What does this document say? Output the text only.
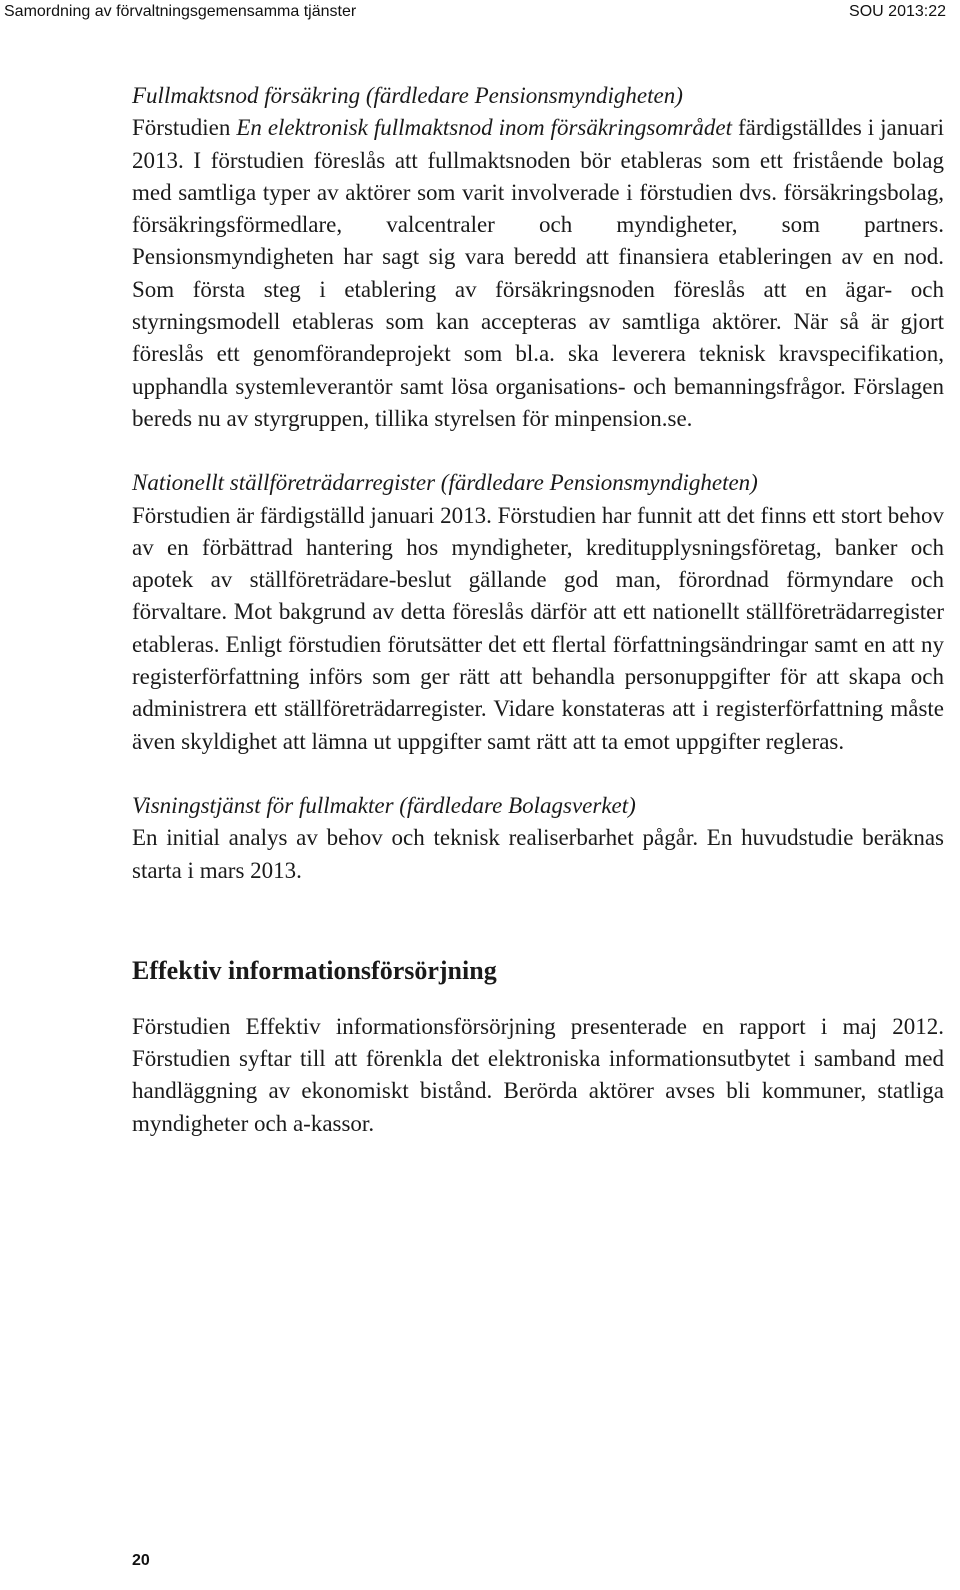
Samordning av förvaltningsgemensamma tjänster	SOU 2013:22
Fullmaktsnod försäkring (färdledare Pensionsmyndigheten)
Förstudien En elektronisk fullmaktsnod inom försäkringsområdet färdigställdes i januari 2013. I förstudien föreslås att fullmaktsnoden bör etableras som ett fristående bolag med samtliga typer av aktörer som varit involverade i förstudien dvs. försäkringsbolag, försäkringsförmedlare, valcentraler och myndigheter, som partners. Pensionsmyndigheten har sagt sig vara beredd att finansiera etableringen av en nod. Som första steg i etablering av försäkringsnoden föreslås att en ägar- och styrningsmodell etableras som kan accepteras av samtliga aktörer. När så är gjort föreslås ett genomförandeprojekt som bl.a. ska leverera teknisk kravspecifikation, upphandla systemleverantör samt lösa organisations- och bemanningsfrågor. Förslagen bereds nu av styrgruppen, tillika styrelsen för minpension.se.
Nationellt ställföreträdarregister (färdledare Pensionsmyndigheten)
Förstudien är färdigställd januari 2013. Förstudien har funnit att det finns ett stort behov av en förbättrad hantering hos myndigheter, kreditupplysningsföretag, banker och apotek av ställföreträdare-beslut gällande god man, förordnad förmyndare och förvaltare. Mot bakgrund av detta föreslås därför att ett nationellt ställföreträdarregister etableras. Enligt förstudien förutsätter det ett flertal författningsändringar samt en att ny registerförfattning införs som ger rätt att behandla personuppgifter för att skapa och administrera ett ställföreträdarregister. Vidare konstateras att i registerförfattning måste även skyldighet att lämna ut uppgifter samt rätt att ta emot uppgifter regleras.
Visningstjänst för fullmakter (färdledare Bolagsverket)
En initial analys av behov och teknisk realiserbarhet pågår. En huvudstudie beräknas starta i mars 2013.
Effektiv informationsförsörjning
Förstudien Effektiv informationsförsörjning presenterade en rapport i maj 2012. Förstudien syftar till att förenkla det elektroniska informationsutbytet i samband med handläggning av ekonomiskt bistånd. Berörda aktörer avses bli kommuner, statliga myndigheter och a-kassor.
20
